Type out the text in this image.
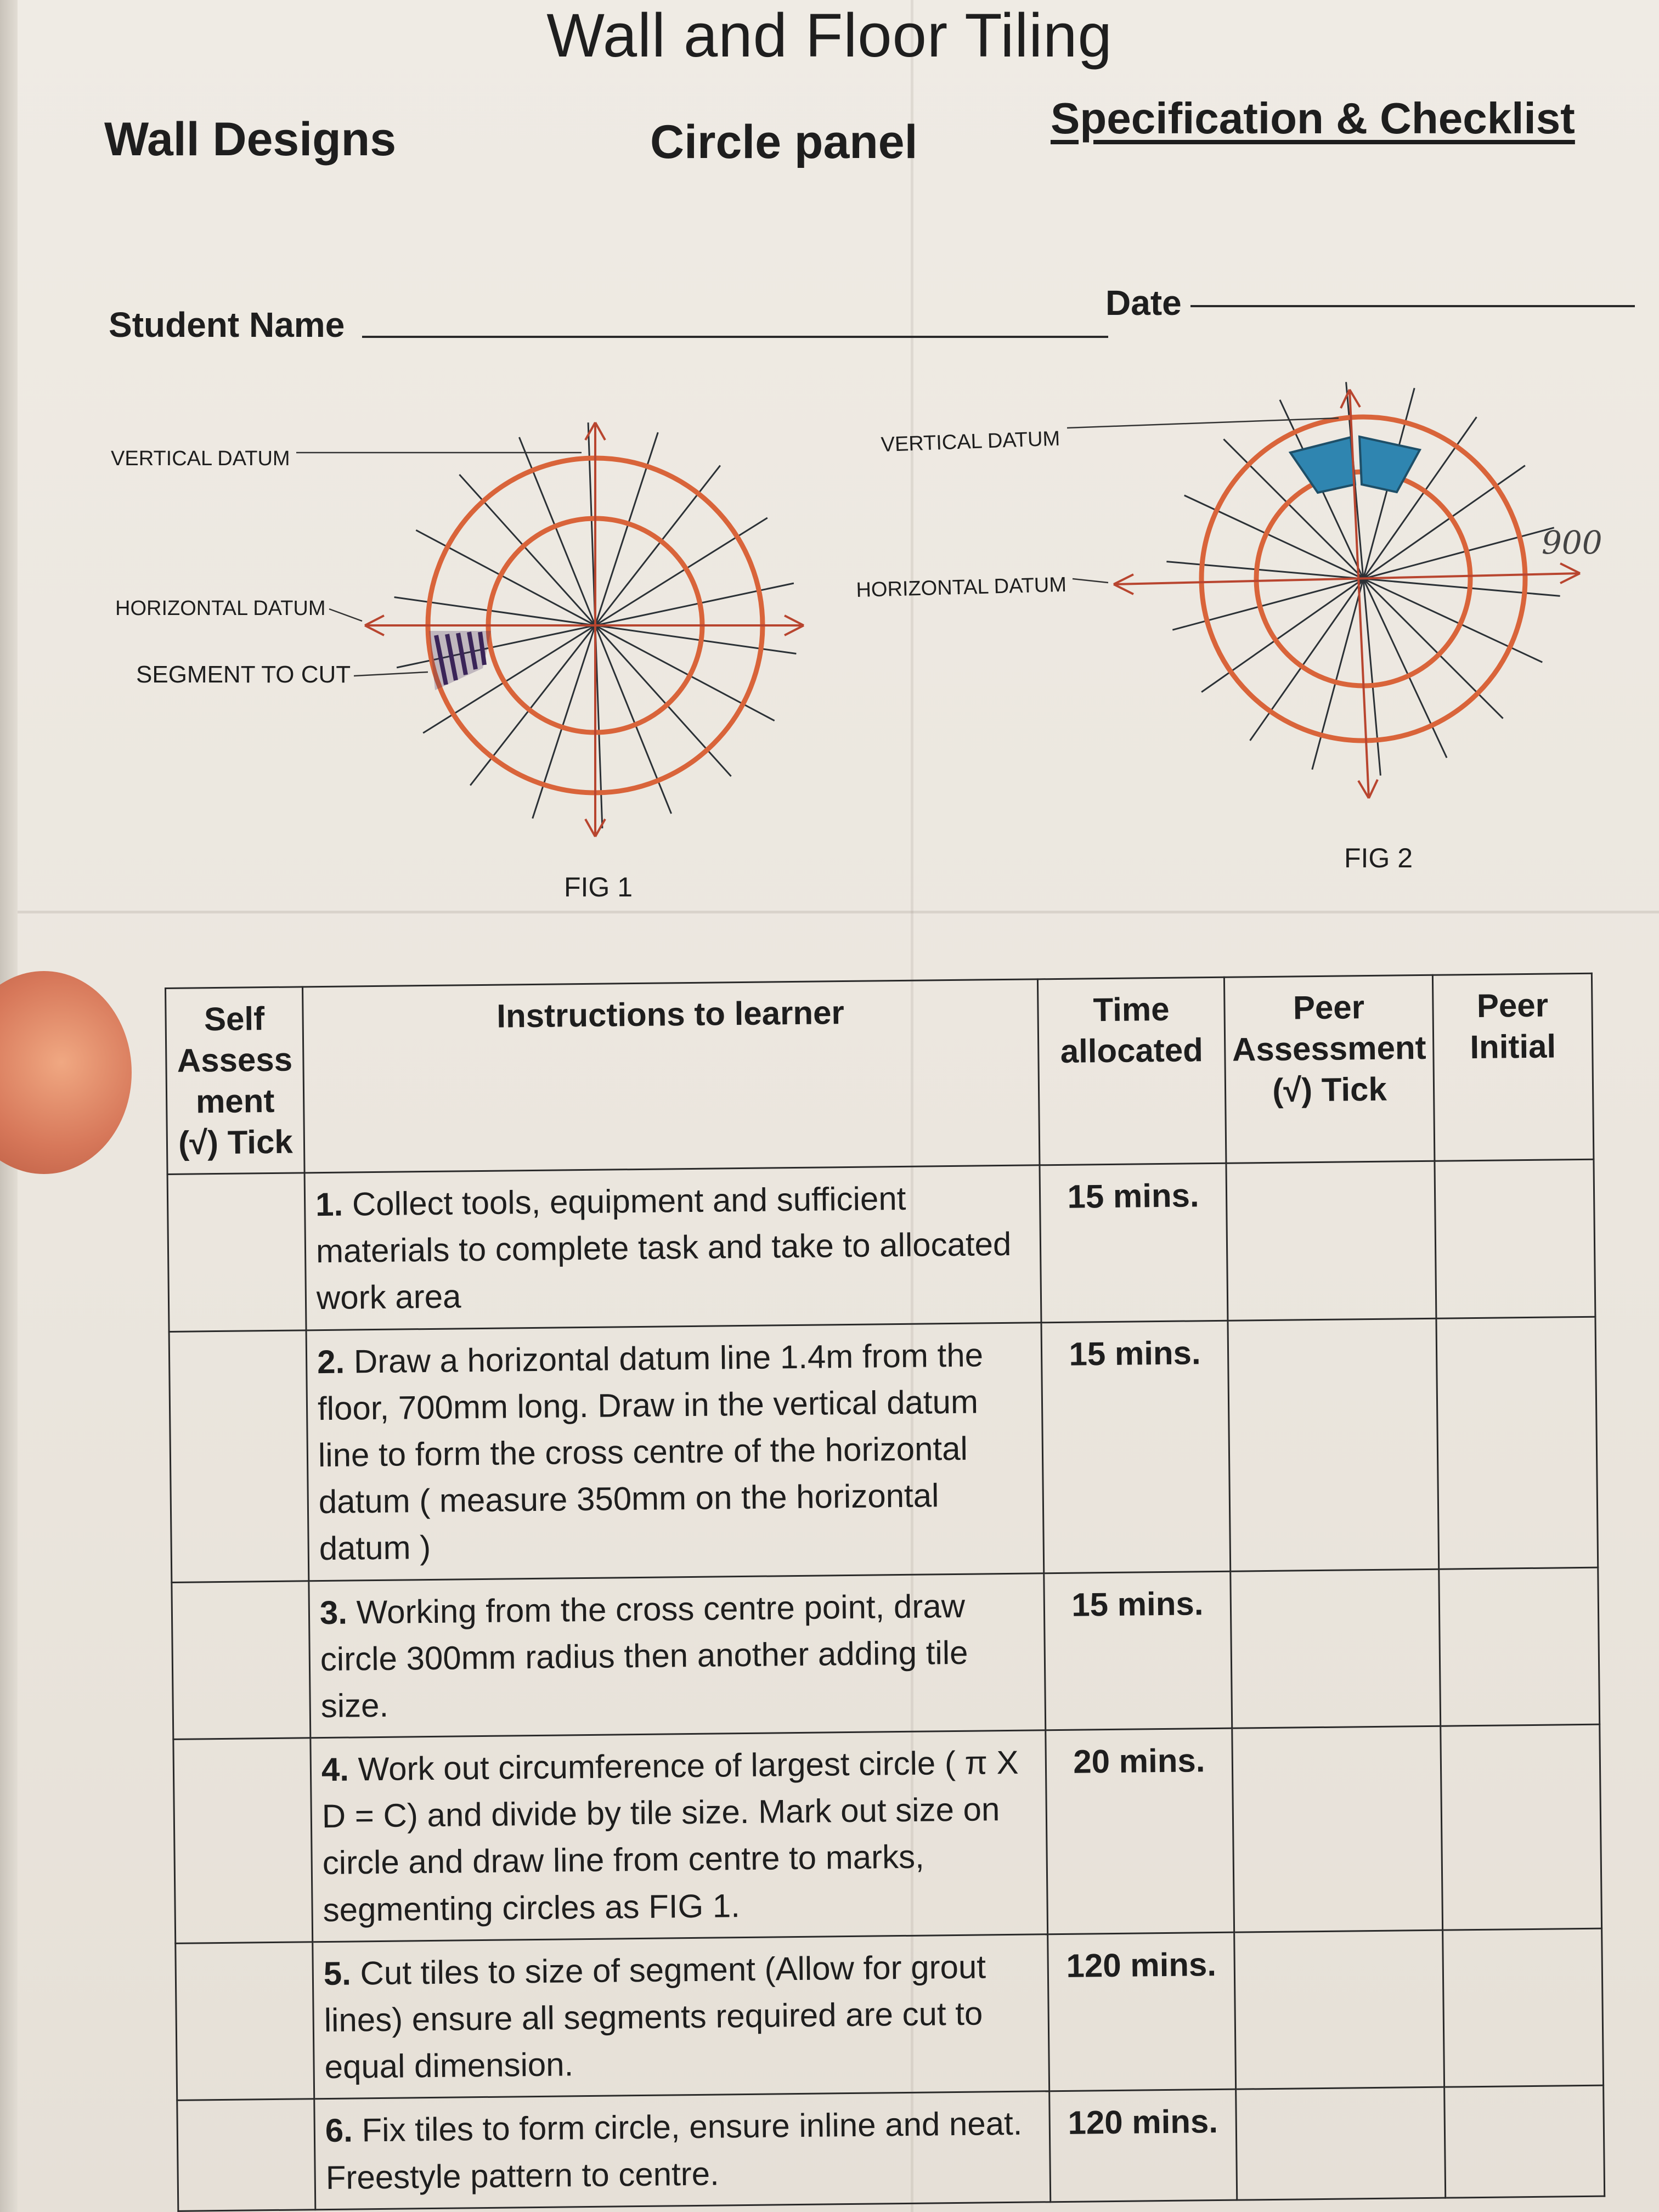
Wall and Floor Tiling
Wall Designs	Circle panel	Specification & Checklist
Student Name
Date
VERTICAL DATUM
HORIZONTAL DATUM
SEGMENT TO CUT
FIG 1
VERTICAL DATUM
HORIZONTAL DATUM
900
FIG 2
Self Assess ment (√) Tick	Instructions to learner	Time allocated	Peer Assessment (√) Tick	Peer Initial
	1. Collect tools, equipment and sufficient materials to complete task and take to allocated work area	15 mins.		
	2. Draw a horizontal datum line 1.4m from the floor, 700mm long. Draw in the vertical datum line to form the cross centre of the horizontal datum ( measure 350mm on the horizontal datum )	15 mins.		
	3. Working from the cross centre point, draw circle 300mm radius then another adding tile size.	15 mins.		
	4. Work out circumference of largest circle ( π X D = C) and divide by tile size. Mark out size on circle and draw line from centre to marks, segmenting circles as FIG 1.	20 mins.		
	5. Cut tiles to size of segment (Allow for grout lines) ensure all segments required are cut to equal dimension.	120 mins.		
	6. Fix tiles to form circle, ensure inline and neat. Freestyle pattern to centre.	120 mins.		
